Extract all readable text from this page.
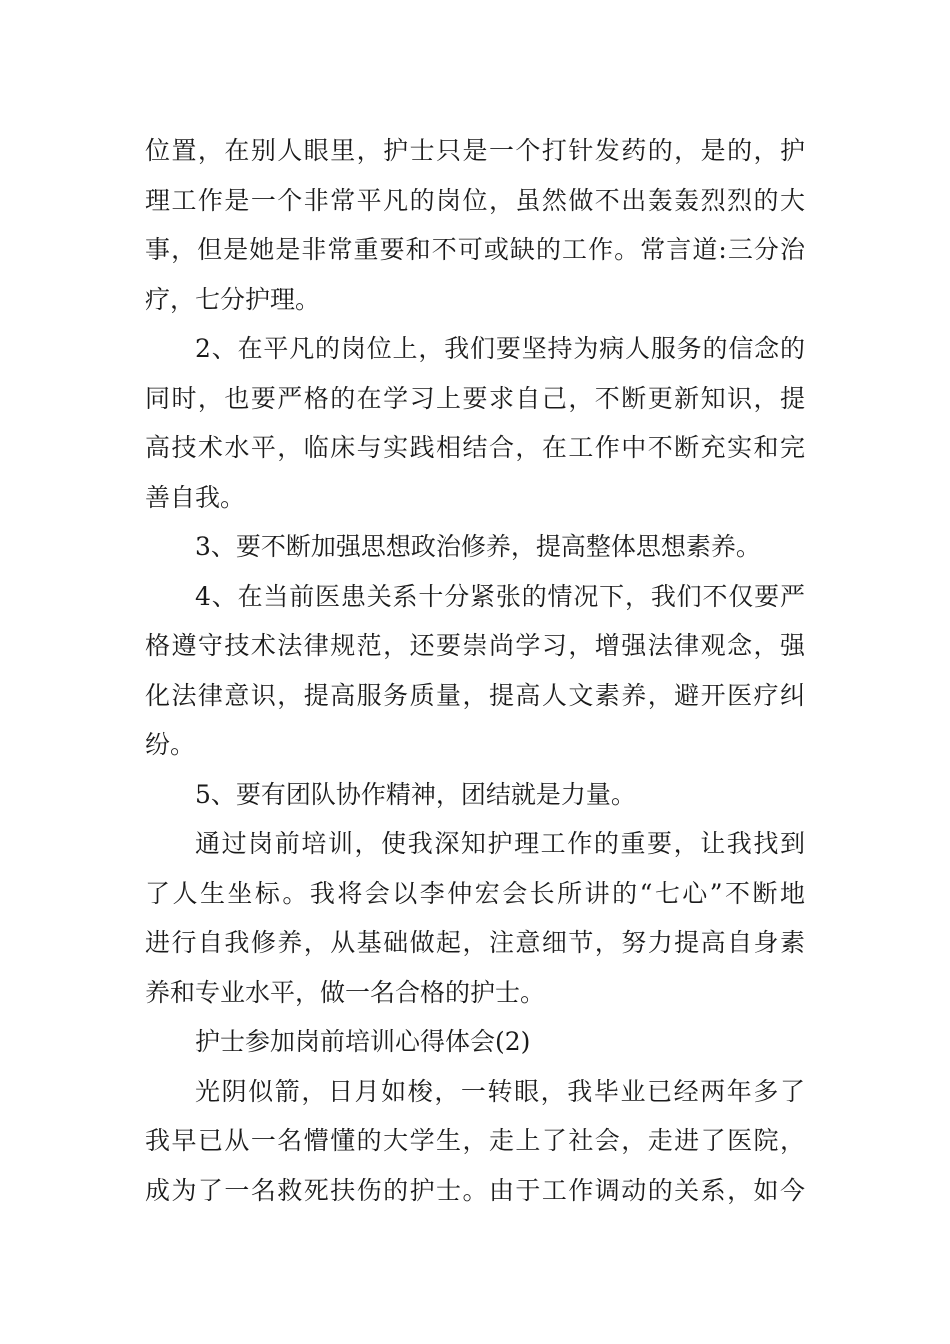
位置，在别人眼里，护士只是一个打针发药的，是的，护
理工作是一个非常平凡的岗位，虽然做不出轰轰烈烈的大
事，但是她是非常重要和不可或缺的工作。常言道:三分治
疗，七分护理。
2、在平凡的岗位上，我们要坚持为病人服务的信念的
同时，也要严格的在学习上要求自己，不断更新知识，提
高技术水平，临床与实践相结合，在工作中不断充实和完
善自我。
3、要不断加强思想政治修养，提高整体思想素养。
4、在当前医患关系十分紧张的情况下，我们不仅要严
格遵守技术法律规范，还要崇尚学习，增强法律观念，强
化法律意识，提高服务质量，提高人文素养，避开医疗纠
纷。
5、要有团队协作精神，团结就是力量。
通过岗前培训，使我深知护理工作的重要，让我找到
了人生坐标。我将会以李仲宏会长所讲的“七心”不断地
进行自我修养，从基础做起，注意细节，努力提高自身素
养和专业水平，做一名合格的护士。
护士参加岗前培训心得体会(2)
光阴似箭，日月如梭，一转眼，我毕业已经两年多了
我早已从一名懵懂的大学生，走上了社会，走进了医院，
成为了一名救死扶伤的护士。由于工作调动的关系，如今
